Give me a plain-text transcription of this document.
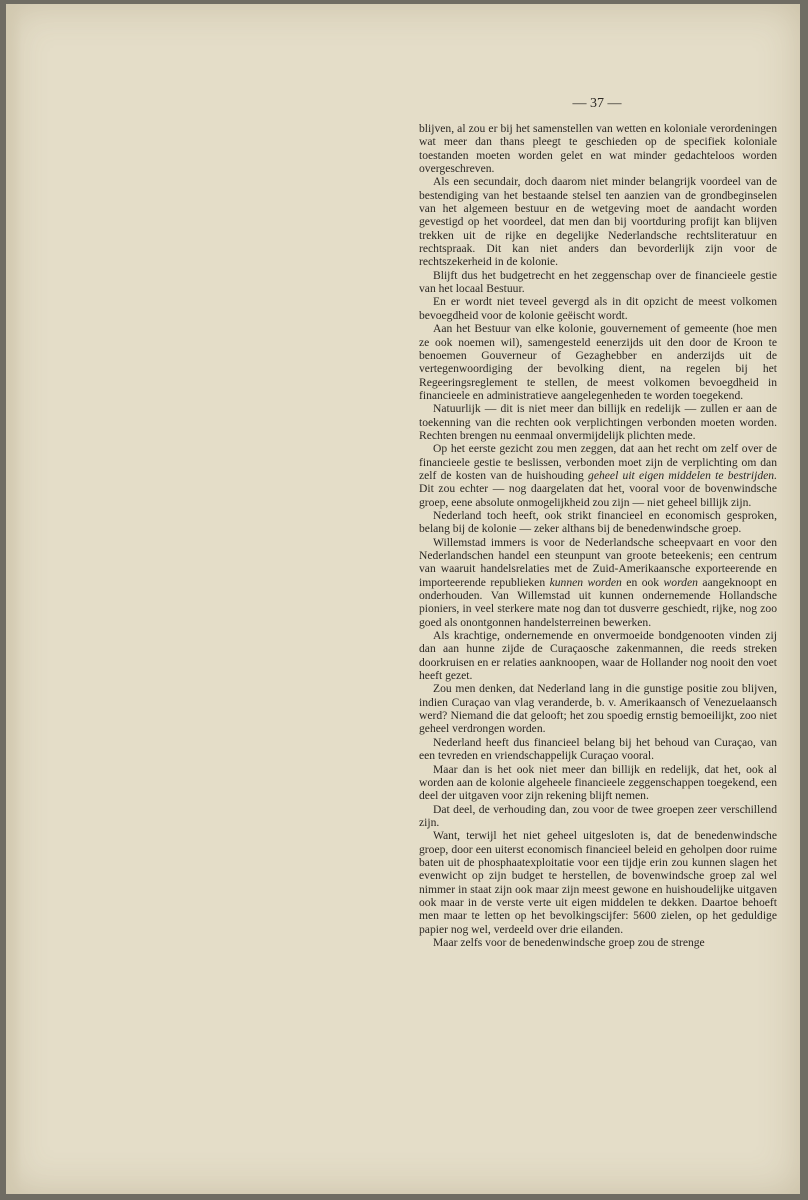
— 37 —

blijven, al zou er bij het samenstellen van wetten en koloniale verordeningen wat meer dan thans pleegt te geschieden op de specifiek koloniale toestanden moeten worden gelet en wat minder gedachteloos worden overgeschreven.

Als een secundair, doch daarom niet minder belangrijk voordeel van de bestendiging van het bestaande stelsel ten aanzien van de grondbeginselen van het algemeen bestuur en de wetgeving moet de aandacht worden gevestigd op het voordeel, dat men dan bij voortduring profijt kan blijven trekken uit de rijke en degelijke Nederlandsche rechtsliteratuur en rechtspraak. Dit kan niet anders dan bevorderlijk zijn voor de rechtszekerheid in de kolonie.

Blijft dus het budgetrecht en het zeggenschap over de financieele gestie van het locaal Bestuur.

En er wordt niet teveel gevergd als in dit opzicht de meest volkomen bevoegdheid voor de kolonie geëischt wordt.

Aan het Bestuur van elke kolonie, gouvernement of gemeente (hoe men ze ook noemen wil), samengesteld eenerzijds uit den door de Kroon te benoemen Gouverneur of Gezaghebber en anderzijds uit de vertegenwoordiging der bevolking dient, na regelen bij het Regeeringsreglement te stellen, de meest volkomen bevoegdheid in financieele en administratieve aangelegenheden te worden toegekend.

Natuurlijk — dit is niet meer dan billijk en redelijk — zullen er aan de toekenning van die rechten ook verplichtingen verbonden moeten worden. Rechten brengen nu eenmaal onvermijdelijk plichten mede.

Op het eerste gezicht zou men zeggen, dat aan het recht om zelf over de financieele gestie te beslissen, verbonden moet zijn de verplichting om dan zelf de kosten van de huishouding geheel uit eigen middelen te bestrijden. Dit zou echter — nog daargelaten dat het, vooral voor de bovenwindsche groep, eene absolute onmogelijkheid zou zijn — niet geheel billijk zijn.

Nederland toch heeft, ook strikt financieel en economisch gesproken, belang bij de kolonie — zeker althans bij de benedenwindsche groep.

Willemstad immers is voor de Nederlandsche scheepvaart en voor den Nederlandschen handel een steunpunt van groote beteekenis; een centrum van waaruit handelsrelaties met de Zuid-Amerikaansche exporteerende en importeerende republieken kunnen worden en ook worden aangeknoopt en onderhouden. Van Willemstad uit kunnen ondernemende Hollandsche pioniers, in veel sterkere mate nog dan tot dusverre geschiedt, rijke, nog zoo goed als onontgonnen handelsterreinen bewerken.

Als krachtige, ondernemende en onvermoeide bondgenooten vinden zij dan aan hunne zijde de Curaçaosche zakenmannen, die reeds streken doorkruisen en er relaties aanknoopen, waar de Hollander nog nooit den voet heeft gezet.

Zou men denken, dat Nederland lang in die gunstige positie zou blijven, indien Curaçao van vlag veranderde, b. v. Amerikaansch of Venezuelaansch werd? Niemand die dat gelooft; het zou spoedig ernstig bemoeilijkt, zoo niet geheel verdrongen worden.

Nederland heeft dus financieel belang bij het behoud van Curaçao, van een tevreden en vriendschappelijk Curaçao vooral.

Maar dan is het ook niet meer dan billijk en redelijk, dat het, ook al worden aan de kolonie algeheele financieele zeggenschappen toegekend, een deel der uitgaven voor zijn rekening blijft nemen.

Dat deel, de verhouding dan, zou voor de twee groepen zeer verschillend zijn.

Want, terwijl het niet geheel uitgesloten is, dat de benedenwindsche groep, door een uiterst economisch financieel beleid en geholpen door ruime baten uit de phosphaatexploitatie voor een tijdje erin zou kunnen slagen het evenwicht op zijn budget te herstellen, de bovenwindsche groep zal wel nimmer in staat zijn ook maar zijn meest gewone en huishoudelijke uitgaven ook maar in de verste verte uit eigen middelen te dekken. Daartoe behoeft men maar te letten op het bevolkingscijfer: 5600 zielen, op het geduldige papier nog wel, verdeeld over drie eilanden.

Maar zelfs voor de benedenwindsche groep zou de strenge
